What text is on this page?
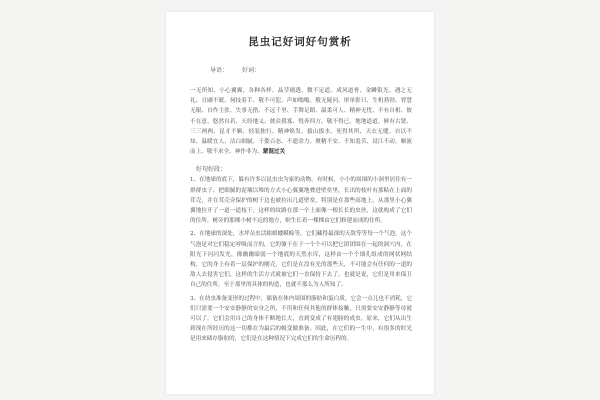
昆虫记好词好句赏析
导语： 好词：
一无所知、小心翼翼、各种各样、晶莹剔透、微不足道、成风道骨、金鳞银光、遇之无礼、且刷不眠、伺技着手、敬不可犯、声如嗡嗡、敬无疑问、形单影只、生机勃勃、智慧无限、自作主张、失事无措、不远千里、手舞足蹈、温柔可人、精神无忧、不有自相、彼不在意、悠然自若、天经地义、彼众我寡、悦奔四方、敬不得已、地地道道、鲜有古贤、三三两两、昆豸不顺、轻装独行、精神焕发、拔山拔水、死得其所、天衣无缝、自以不知、温暖宜人、洁白细腻、千姿百态、不遗余力、聚精不安、不知羞苦、浸江不动、顺流而上、敬不求全、神作非为、蒙混过关
好句好段：
1、在地球的底下，躲有许多以昆虫虫为家的动物。有时候，小小的周围的小洞里居住有一群群虫子、把细腻的泥壤以堆的方式小心翼翼地叠进壁垒里，长出的枝叶有那粘在上面的茸壳，并在茸壳旁保护的树干边也被拉出几道壁垒，特别是在那些高地上，从那里小心翼翼地拉开了一道一道枝干，这样的纹路在那一个上面像一根长长的虫丝，这就构成了它们的住所。树旁的那棵小树不远的地方，则生长着一棵棵由它们修建而成的住所。
2、在地球的深处，水坪杂虫活蛆蛆蝼蟆蜍等，它们藏得最深的天敌等等每一个气泡。这个气泡是对它们稳定呼吸而言的，它的躯干在于一个个可以把它团团围在一起的洞穴内，在阳光下闪闪发光，像幽幽暗弱一个地底的天然水库，这样由一个个细孔组成的网状网结构，它的身上有着一层保护的刚壳，它们是在没有光的那些天，不可能会有任何的一道的敌人去侵害它们，这样的生活方式就被它们一直保持下去了。也就是说，它们是用来保卫自己的住所，至于那里的具体的构造，也就不那么为人所知了。
3、在幼虫准备变形的过程中，储备在体内周围的脂肪和蛋白质。它会一点儿也不消耗，它们只需要一个安安静静的安身之所，不用和任何其他的群体接触，只需要安安静静等待就可以了。它们会用自己的身体不断地长大，直到变成了有翅膀的成虫。原来，它们从出生到现在所经历的这一切都在为最后的蜕变做准备。因此，在它们的一生中，有很多的时光是用来储存脂肪的，它们是在这种情况下完成它们的生命历程的。
